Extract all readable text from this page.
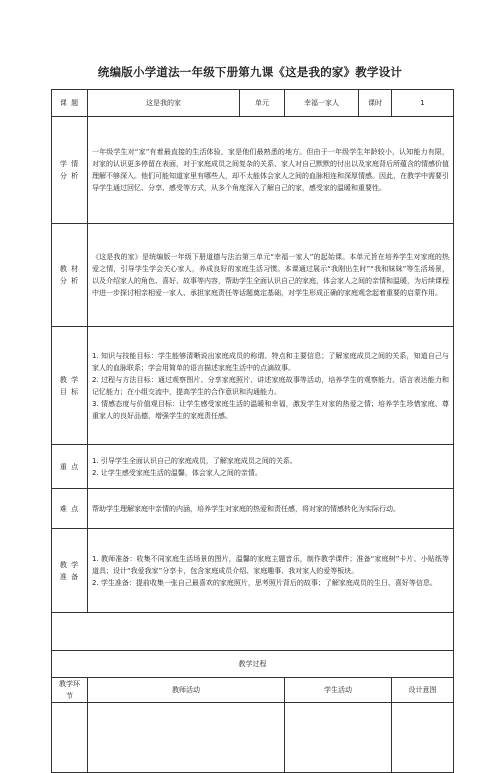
统编版小学道法一年级下册第九课《这是我的家》教学设计
课 题	这是我的家	单元	幸福一家人	课时	1

学 情
分 析	一年级学生对“家”有着最直接的生活体验，家是他们最熟悉的地方。但由于一年级学生年龄较小，认知能力有限，对家的认识更多停留在表面，对于家庭成员之间复杂的关系、家人对自己默默的付出以及家庭背后所蕴含的情感价值理解不够深入。他们可能知道家里有哪些人，却不太能体会家人之间的血脉相连和深厚情感。因此，在教学中需要引导学生通过回忆、分享、感受等方式，从多个角度深入了解自己的家，感受家的温暖和重要性。				

教 材
分 析	《这是我的家》是统编版一年级下册道德与法治第三单元“幸福一家人”的起始课。本单元旨在培养学生对家庭的热爱之情，引导学生学会关心家人，养成良好的家庭生活习惯。本课通过展示“我刚出生时”“我和妹妹”等生活场景，以及介绍家人的角色、喜好、故事等内容，帮助学生全面认识自己的家庭，体会家人之间的亲情和温暖，为后续课程中进一步探讨相亲相爱一家人、承担家庭责任等话题奠定基础，对学生形成正确的家庭观念起着重要的启蒙作用。				

教 学
目 标	1. 知识与技能目标：学生能够清晰说出家庭成员的称谓、特点和主要信息；了解家庭成员之间的关系，知道自己与家人的血脉联系；学会用简单的语言描述家庭生活中的点滴故事。
2. 过程与方法目标：通过观察图片、分享家庭照片、讲述家庭故事等活动，培养学生的观察能力、语言表达能力和记忆能力；在小组交流中，提高学生的合作意识和沟通能力。
3. 情感态度与价值观目标：让学生感受家庭生活的温暖和幸福，激发学生对家的热爱之情；培养学生珍惜家庭、尊重家人的良好品德，增强学生的家庭责任感。				

重 点	1. 引导学生全面认识自己的家庭成员，了解家庭成员之间的关系。
2. 让学生感受家庭生活的温馨，体会家人之间的亲情。				

难 点	帮助学生理解家庭中亲情的内涵，培养学生对家庭的热爱和责任感，将对家的情感转化为实际行动。				

教 学
准 备	1. 教师准备：收集不同家庭生活场景的图片，温馨的家庭主题音乐，制作教学课件；准备“家庭树”卡片、小贴纸等道具；设计“我爱我家”分享卡，包含家庭成员介绍、家庭趣事、我对家人的爱等板块。
2. 学生准备：提前收集一张自己最喜欢的家庭照片，思考照片背后的故事；了解家庭成员的生日、喜好等信息。				

教学过程					
教学环节	教师活动		学生活动		设计意图
